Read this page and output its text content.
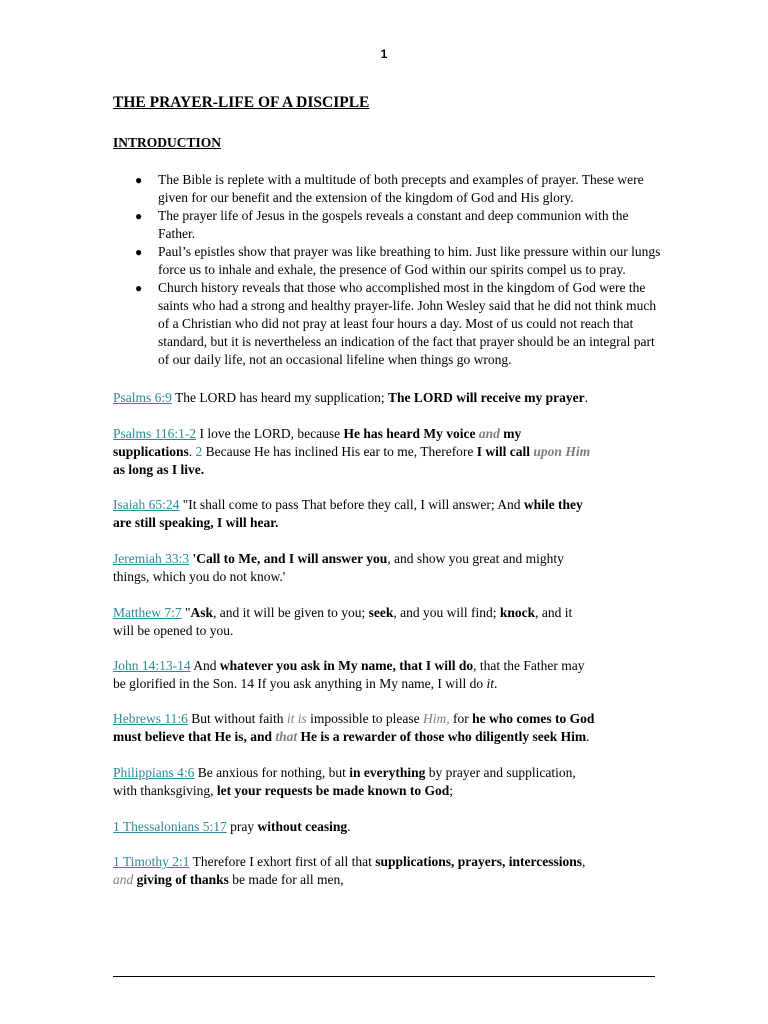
1
THE PRAYER-LIFE OF A DISCIPLE
INTRODUCTION
● The Bible is replete with a multitude of both precepts and examples of prayer. These were
given for our benefit and the extension of the kingdom of God and His glory.
● The prayer life of Jesus in the gospels reveals a constant and deep communion with the
Father.
● Paul’s epistles show that prayer was like breathing to him. Just like pressure within our lungs
force us to inhale and exhale, the presence of God within our spirits compel us to pray.
● Church history reveals that those who accomplished most in the kingdom of God were the
saints who had a strong and healthy prayer-life. John Wesley said that he did not think much
of a Christian who did not pray at least four hours a day. Most of us could not reach that
standard, but it is nevertheless an indication of the fact that prayer should be an integral part
of our daily life, not an occasional lifeline when things go wrong.

Psalms 6:9 The LORD has heard my supplication; The LORD will receive my prayer.

Psalms 116:1-2 I love the LORD, because He has heard My voice and my
supplications. 2 Because He has inclined His ear to me, Therefore I will call upon Him
as long as I live.

Isaiah 65:24 "It shall come to pass That before they call, I will answer; And while they
are still speaking, I will hear.

Jeremiah 33:3 'Call to Me, and I will answer you, and show you great and mighty
things, which you do not know.'

Matthew 7:7 "Ask, and it will be given to you; seek, and you will find; knock, and it
will be opened to you.

John 14:13-14 And whatever you ask in My name, that I will do, that the Father may
be glorified in the Son. 14 If you ask anything in My name, I will do it.

Hebrews 11:6 But without faith it is impossible to please Him, for he who comes to God
must believe that He is, and that He is a rewarder of those who diligently seek Him.

Philippians 4:6 Be anxious for nothing, but in everything by prayer and supplication,
with thanksgiving, let your requests be made known to God;

1 Thessalonians 5:17 pray without ceasing.

1 Timothy 2:1 Therefore I exhort first of all that supplications, prayers, intercessions,
and giving of thanks be made for all men,
